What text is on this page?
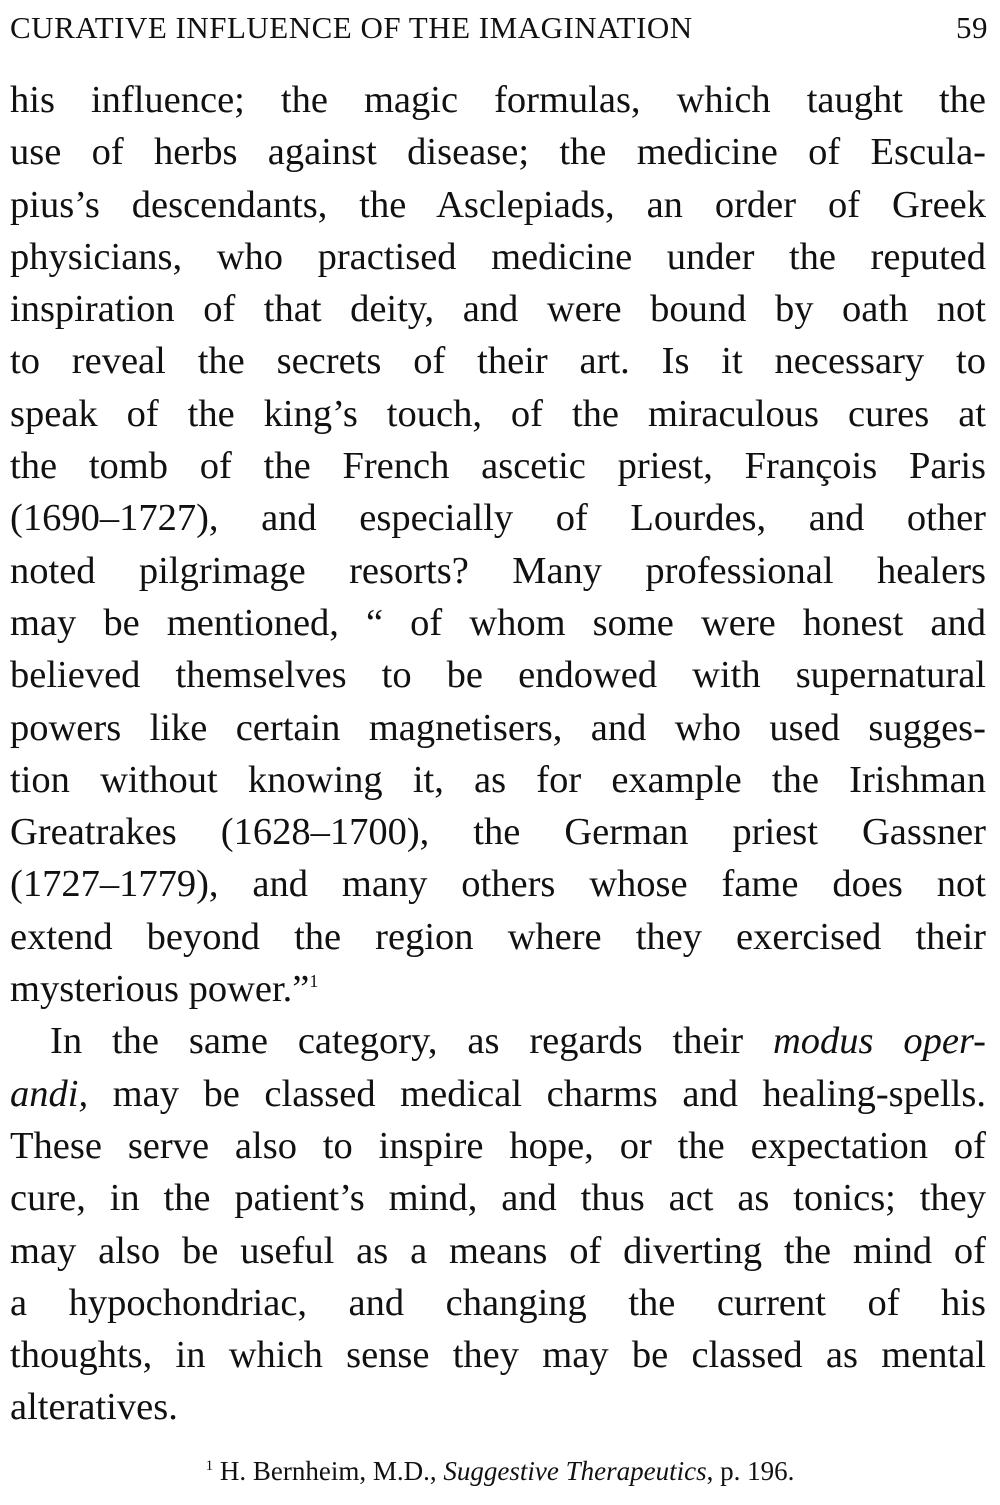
CURATIVE INFLUENCE OF THE IMAGINATION	59

his influence; the magic formulas, which taught the
use of herbs against disease; the medicine of Escula-
pius’s descendants, the Asclepiads, an order of Greek
physicians, who practised medicine under the reputed
inspiration of that deity, and were bound by oath not
to reveal the secrets of their art. Is it necessary to
speak of the king’s touch, of the miraculous cures at
the tomb of the French ascetic priest, François Paris
(1690–1727), and especially of Lourdes, and other
noted pilgrimage resorts? Many professional healers
may be mentioned, “ of whom some were honest and
believed themselves to be endowed with supernatural
powers like certain magnetisers, and who used sugges-
tion without knowing it, as for example the Irishman
Greatrakes (1628–1700), the German priest Gassner
(1727–1779), and many others whose fame does not
extend beyond the region where they exercised their
mysterious power.”$^1$

In the same category, as regards their modus oper-
andi, may be classed medical charms and healing-spells.
These serve also to inspire hope, or the expectation of
cure, in the patient’s mind, and thus act as tonics; they
may also be useful as a means of diverting the mind of
a hypochondriac, and changing the current of his
thoughts, in which sense they may be classed as mental
alteratives.

$^1$ H. Bernheim, M.D., Suggestive Therapeutics, p. 196.
